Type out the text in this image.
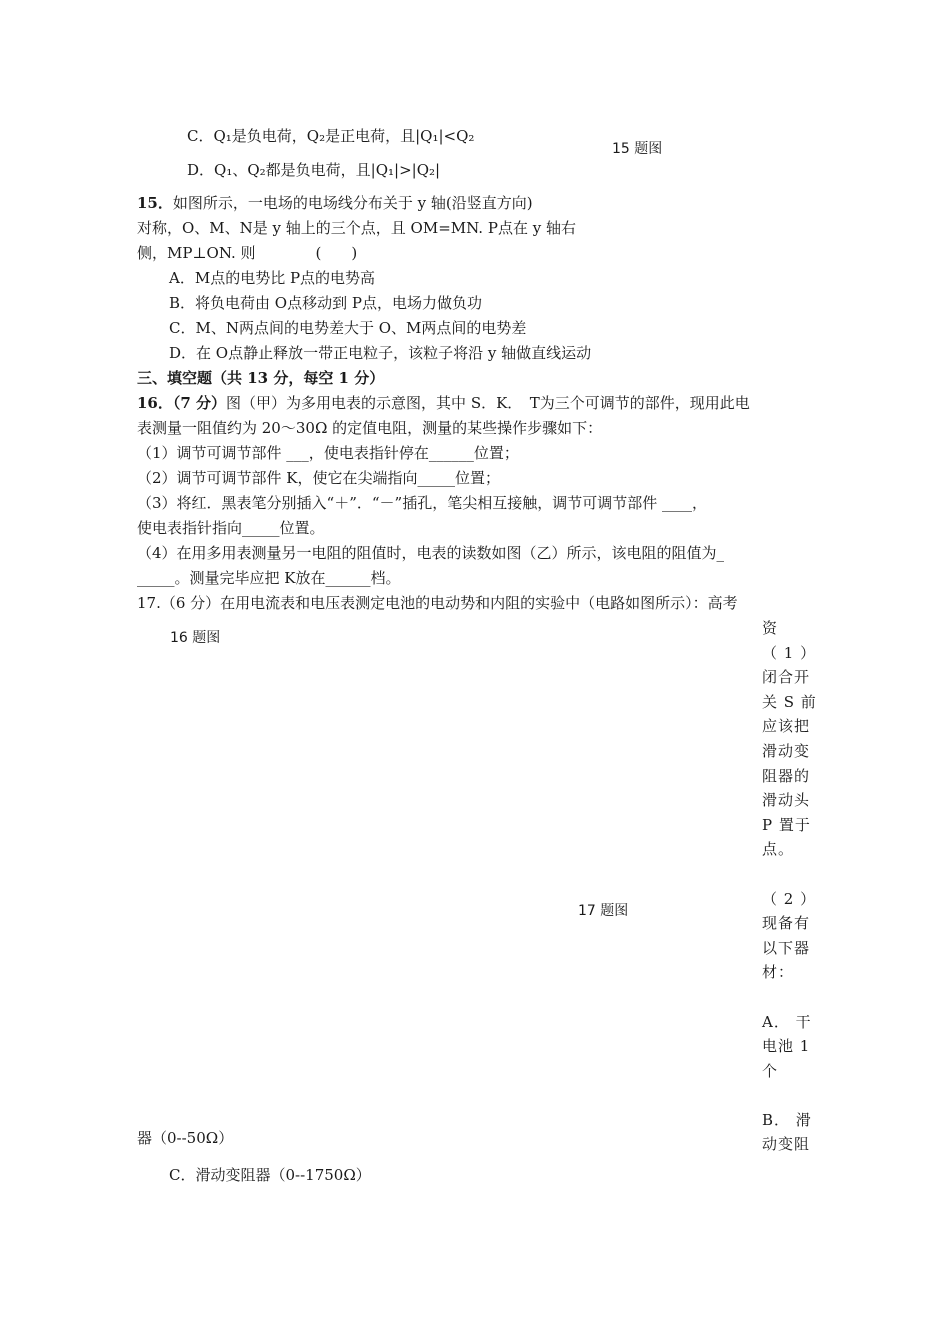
C．Q₁是负电荷，Q₂是正电荷，且|Q₁|<Q₂
D．Q₁、Q₂都是负电荷，且|Q₁|>|Q₂|
15 题图
15．如图所示，一电场的电场线分布关于 y 轴(沿竖直方向)
对称，O、M、N是 y 轴上的三个点，且 OM=MN. P点在 y 轴右
侧，MP⊥ON. 则　　　　(　　)
A．M点的电势比 P点的电势高
B．将负电荷由 O点移动到 P点，电场力做负功
C．M、N两点间的电势差大于 O、M两点间的电势差
D．在 O点静止释放一带正电粒子，该粒子将沿 y 轴做直线运动
三、填空题（共 13 分，每空 1 分）
16．（7 分）图（甲）为多用电表的示意图，其中 S．K．　T为三个可调节的部件，现用此电
表测量一阻值约为 20～30Ω 的定值电阻，测量的某些操作步骤如下：
（1）调节可调节部件 ___，使电表指针停在______位置；
（2）调节可调节部件 K，使它在尖端指向_____位置；
（3）将红．黑表笔分别插入“＋”．“－”插孔，笔尖相互接触，调节可调节部件 ____，
使电表指针指向_____位置。
（4）在用多用表测量另一电阻的阻值时，电表的读数如图（乙）所示，该电阻的阻值为_
_____。测量完毕应把 K放在______档。
17.（6 分）在用电流表和电压表测定电池的电动势和内阻的实验中（电路如图所示）：高考
16 题图
资
（ 1 ）
闭合开
关 S 前
应该把
滑动变
阻器的
滑动头
P 置于
点。
（ 2 ）
现备有
以下器
材：
A． 干
电池 1
个
B． 滑
动变阻
17 题图
器（0--50Ω）
C．滑动变阻器（0--1750Ω）
